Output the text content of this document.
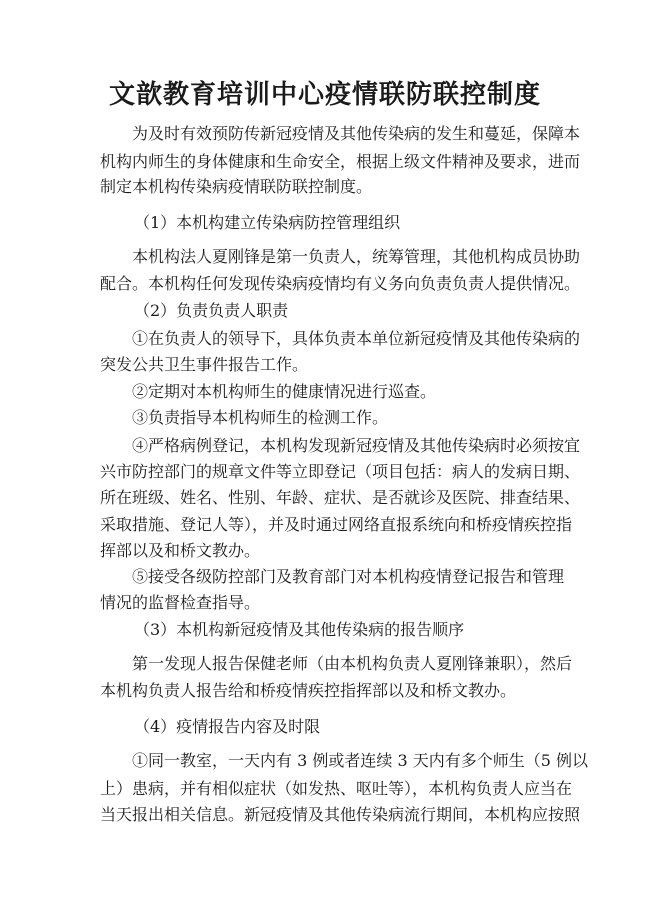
文歆教育培训中心疫情联防联控制度
为及时有效预防传新冠疫情及其他传染病的发生和蔓延，保障本
机构内师生的身体健康和生命安全，根据上级文件精神及要求，进而
制定本机构传染病疫情联防联控制度。
（1）本机构建立传染病防控管理组织
本机构法人夏刚锋是第一负责人，统筹管理，其他机构成员协助
配合。本机构任何发现传染病疫情均有义务向负责负责人提供情况。
（2）负责负责人职责
①在负责人的领导下，具体负责本单位新冠疫情及其他传染病的
突发公共卫生事件报告工作。
②定期对本机构师生的健康情况进行巡查。
③负责指导本机构师生的检测工作。
④严格病例登记，本机构发现新冠疫情及其他传染病时必须按宜
兴市防控部门的规章文件等立即登记（项目包括：病人的发病日期、
所在班级、姓名、性别、年龄、症状、是否就诊及医院、排查结果、
采取措施、登记人等），并及时通过网络直报系统向和桥疫情疾控指
挥部以及和桥文教办。
⑤接受各级防控部门及教育部门对本机构疫情登记报告和管理
情况的监督检查指导。
（3）本机构新冠疫情及其他传染病的报告顺序
第一发现人报告保健老师（由本机构负责人夏刚锋兼职），然后
本机构负责人报告给和桥疫情疾控指挥部以及和桥文教办。
（4）疫情报告内容及时限
①同一教室，一天内有 3 例或者连续 3 天内有多个师生（5 例以
上）患病，并有相似症状（如发热、呕吐等），本机构负责人应当在
当天报出相关信息。新冠疫情及其他传染病流行期间，本机构应按照
